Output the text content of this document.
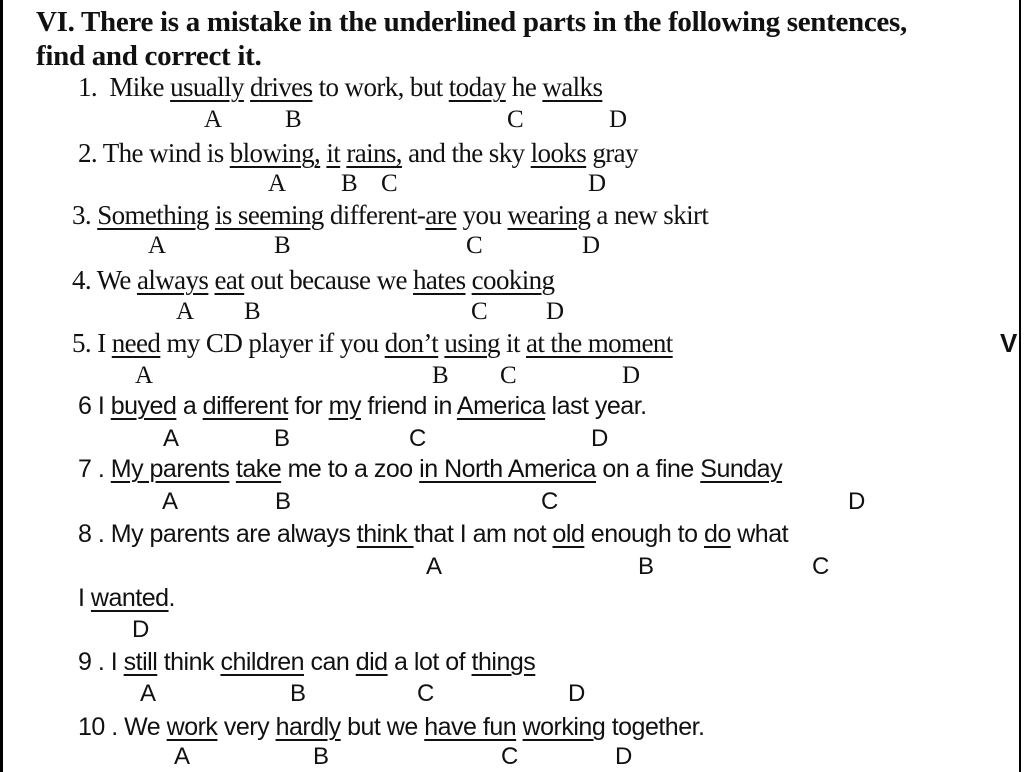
VI. There is a mistake in the underlined parts in the following sentences,
find and correct it.
1.  Mike usually drives to work, but today he walks
A	B	C	D
2. The wind is blowing, it rains, and the sky looks gray
A B C	D
3. Something is seeming different-are you wearing a new skirt
A	B	C	D
4. We always eat out because we hates cooking
A B	C D
5. I need my CD player if you don’t using it at the moment
A	B C	D
V
6 I buyed a different for my friend in America last year.
A	B	C	D
7 . My parents take me to a zoo in North America on a fine Sunday
A	B	C	D
8 . My parents are always think that I am not old enough to do what
A	B	C
I wanted.
D
9 . I still think children can did a lot of things
A	B	C	D
10 . We work very hardly but we have fun working together.
A	B	C	D
